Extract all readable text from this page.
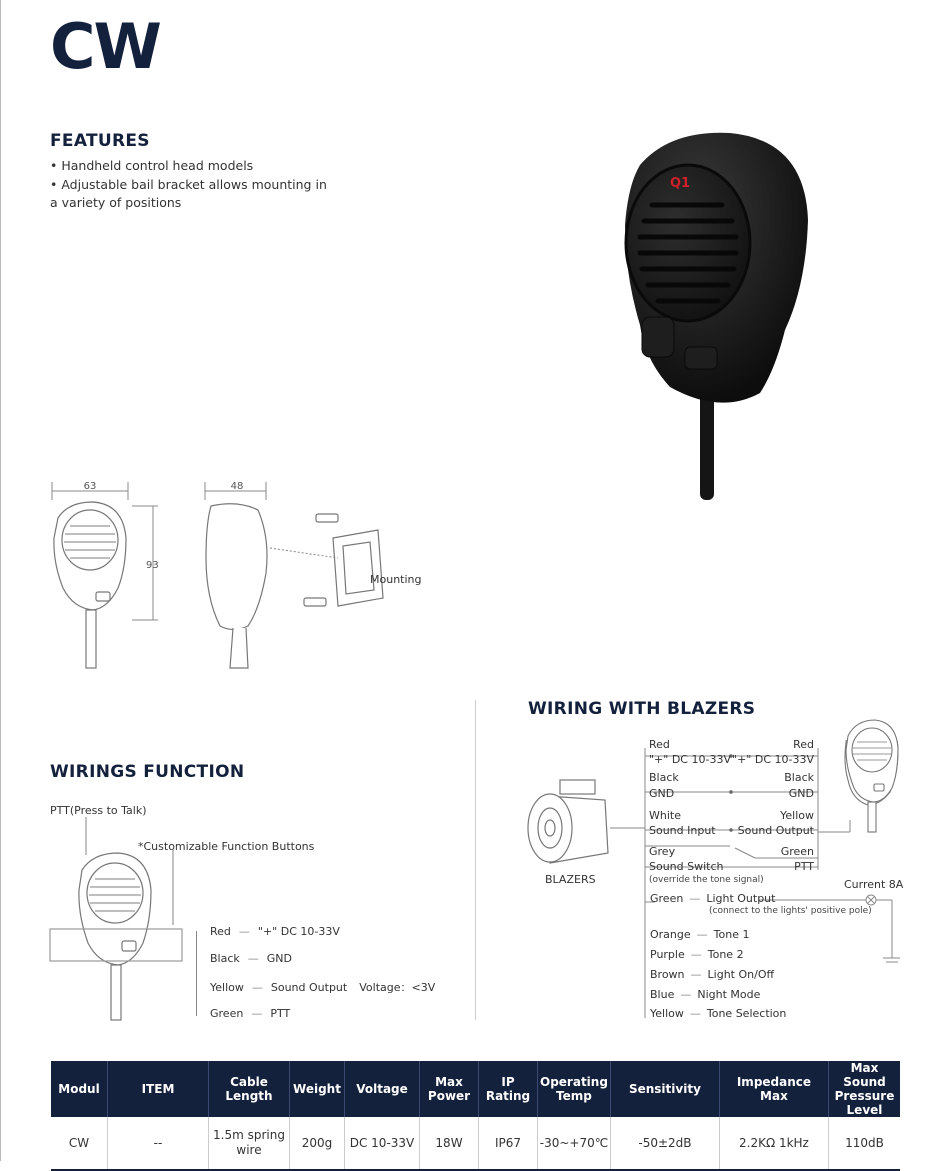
CW
FEATURES
• Handheld control head models
• Adjustable bail bracket allows mounting in
a variety of positions
Q1
63
93
48
Mounting
WIRINGS FUNCTION
PTT(Press to Talk)
*Customizable Function Buttons
Red — "+" DC 10-33V
Black — GND
Yellow — Sound Output Voltage：<3V
Green — PTT
WIRING WITH BLAZERS
BLAZERS
Red
"+" DC 10-33V
Red
"+" DC 10-33V
Black
GND
Black
GND
White
Sound Input
Yellow
Sound Output
Grey
Sound Switch
(override the tone signal)
Green
PTT
Current 8A
Green — Light Output
(connect to the lights' positive pole)
Orange — Tone 1
Purple — Tone 2
Brown — Light On/Off
Blue — Night Mode
Yellow — Tone Selection
Modul	ITEM	Cable Length	Weight	Voltage	Max Power	IP Rating	Operating Temp	Sensitivity	Impedance Max	Max Sound Pressure Level
CW	--	1.5m spring wire	200g	DC 10-33V	18W	IP67	-30~+70℃	-50±2dB	2.2KΩ 1kHz	110dB
